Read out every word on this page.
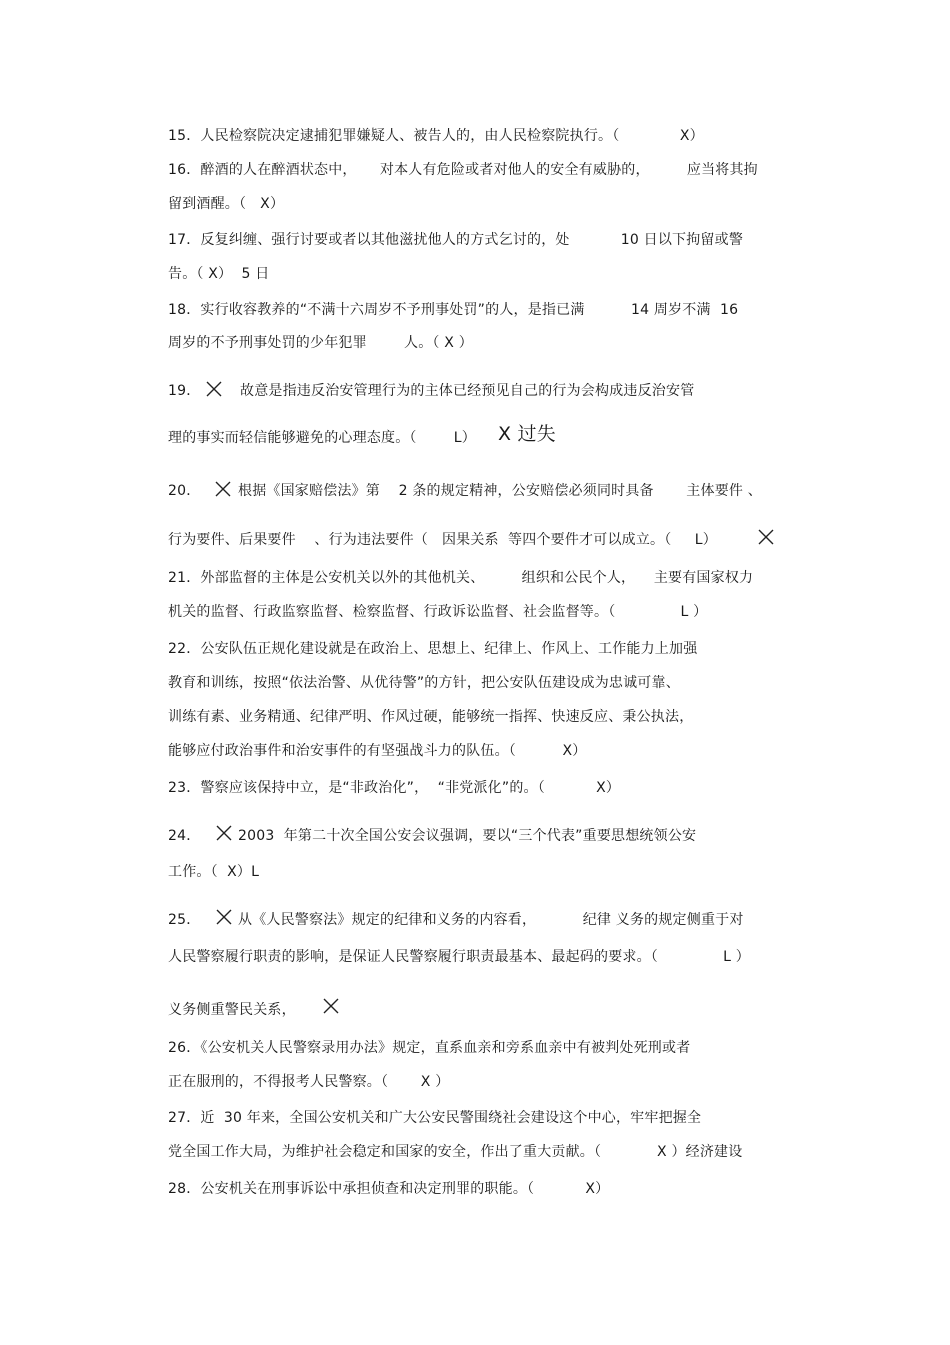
15．人民检察院决定逮捕犯罪嫌疑人、被告人的，由人民检察院执行。（             X）
16．醉酒的人在醉酒状态中，     对本人有危险或者对他人的安全有威胁的，        应当将其拘
留到酒醒。（   X）
17．反复纠缠、强行讨要或者以其他滋扰他人的方式乞讨的，处           10 日以下拘留或警
告。（ X）  5 日
18．实行收容教养的“不满十六周岁不予刑事处罚”的人，是指已满          14 周岁不满  16
周岁的不予刑事处罚的少年犯罪        人。（ X ）
19．	故意是指违反治安管理行为的主体已经预见自己的行为会构成违反治安管
理的事实而轻信能够避免的心理态度。（        L） X 过失
20．	根据《国家赔偿法》第    2 条的规定精神，公安赔偿必须同时具备       主体要件 、
行为要件、后果要件    、行为违法要件（   因果关系  等四个要件才可以成立。（     L）
21．外部监督的主体是公安机关以外的其他机关、        组织和公民个人，    主要有国家权力
机关的监督、行政监察监督、检察监督、行政诉讼监督、社会监督等。（              L ）
22．公安队伍正规化建设就是在政治上、思想上、纪律上、作风上、工作能力上加强
教育和训练，按照“依法治警、从优待警”的方针，把公安队伍建设成为忠诚可靠、
训练有素、业务精通、纪律严明、作风过硬，能够统一指挥、快速反应、秉公执法，
能够应付政治事件和治安事件的有坚强战斗力的队伍。（          X）
23．警察应该保持中立，是“非政治化”，  “非党派化”的。（           X）
24．	2003  年第二十次全国公安会议强调，要以“三个代表”重要思想统领公安
工作。（  X）L
25．	从《人民警察法》规定的纪律和义务的内容看，          纪律 义务的规定侧重于对
人民警察履行职责的影响，是保证人民警察履行职责最基本、最起码的要求。（              L ）
义务侧重警民关系，
26．《公安机关人民警察录用办法》规定，直系血亲和旁系血亲中有被判处死刑或者
正在服刑的，不得报考人民警察。（       X ）
27．近  30 年来，全国公安机关和广大公安民警围绕社会建设这个中心，牢牢把握全
党全国工作大局，为维护社会稳定和国家的安全，作出了重大贡献。（            X ）经济建设
28．公安机关在刑事诉讼中承担侦查和决定刑罪的职能。（           X）
